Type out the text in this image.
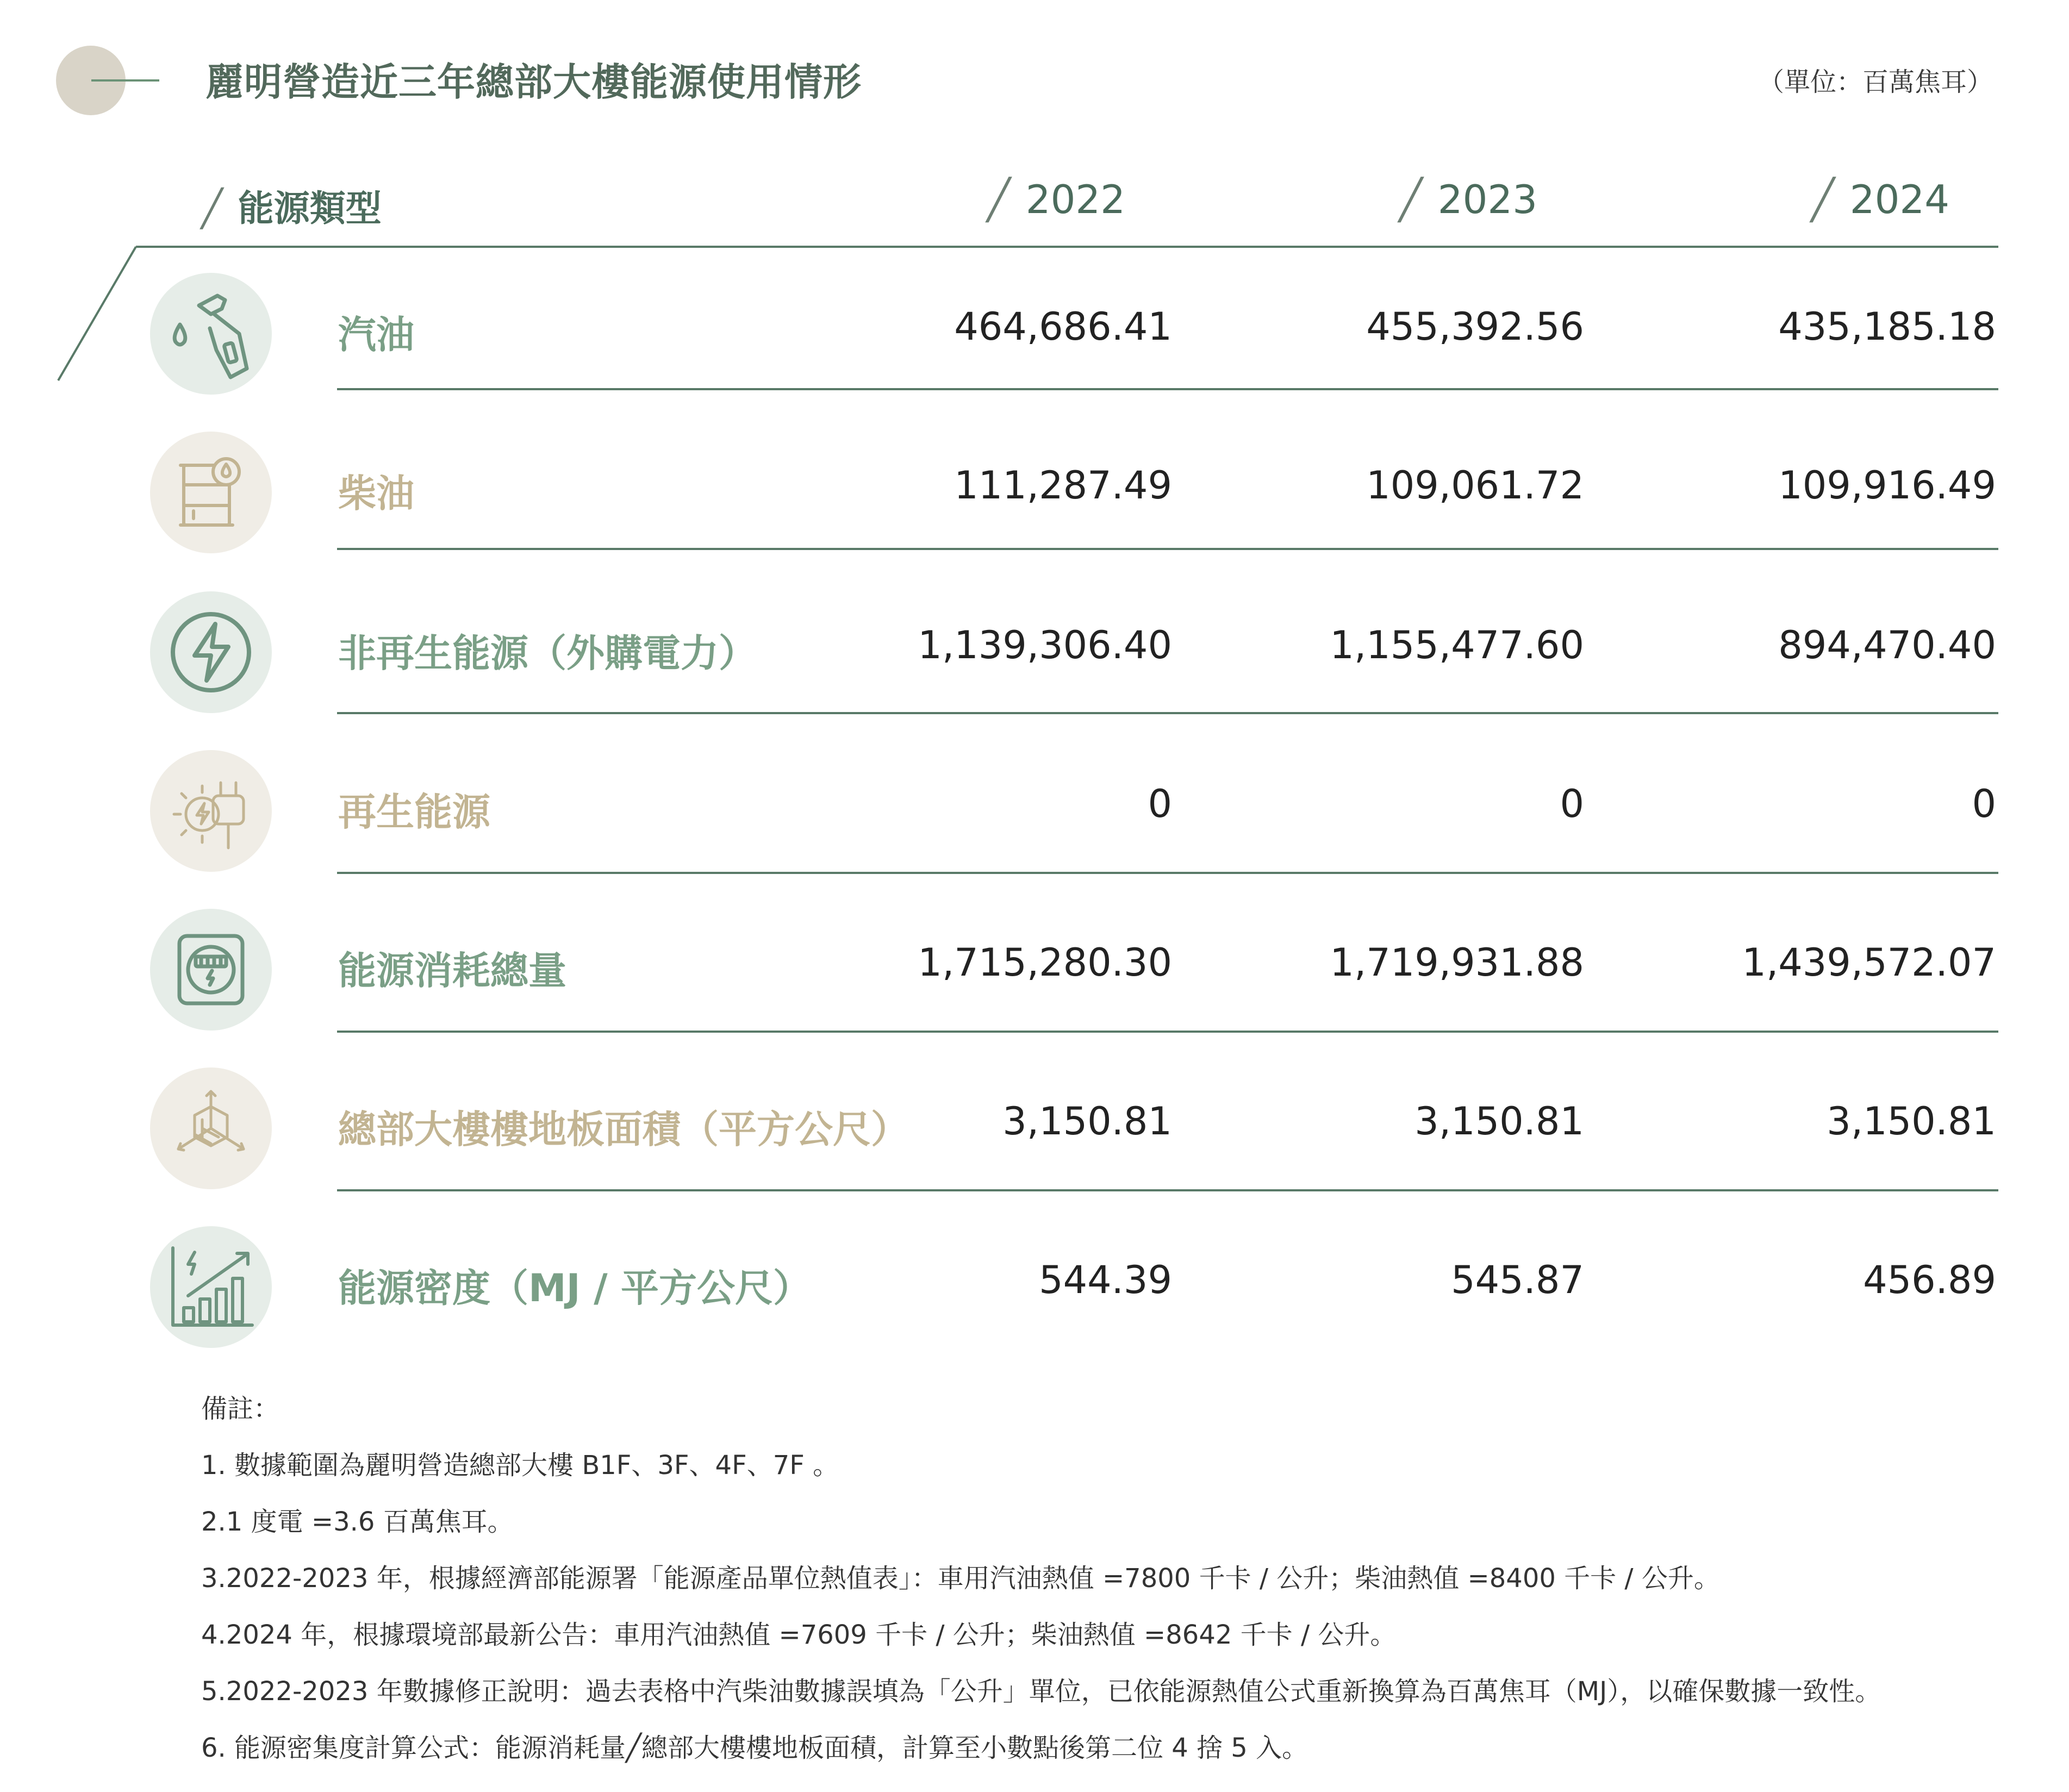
麗明營造近三年總部大樓能源使用情形	（單位：百萬焦耳）
╱ 能源類型	╱ 2022	╱ 2023	╱ 2024
汽油	464,686.41	455,392.56	435,185.18
柴油	111,287.49	109,061.72	109,916.49
非再生能源（外購電力）	1,139,306.40	1,155,477.60	894,470.40
再生能源	0	0	0
能源消耗總量	1,715,280.30	1,719,931.88	1,439,572.07
總部大樓樓地板面積（平方公尺） 3,150.81	3,150.81	3,150.81
能源密度（MJ / 平方公尺）	544.39	545.87	456.89
備註：
1. 數據範圍為麗明營造總部大樓 B1F、3F、4F、7F 。
2.1 度電 =3.6 百萬焦耳。
3.2022-2023 年，根據經濟部能源署「能源產品單位熱值表」：車用汽油熱值 =7800 千卡 / 公升；柴油熱值 =8400 千卡 / 公升。
4.2024 年，根據環境部最新公告：車用汽油熱值 =7609 千卡 / 公升；柴油熱值 =8642 千卡 / 公升。
5.2022-2023 年數據修正說明：過去表格中汽柴油數據誤填為「公升」單位，已依能源熱值公式重新換算為百萬焦耳（MJ），以確保數據一致性。
6. 能源密集度計算公式：能源消耗量╱總部大樓樓地板面積，計算至小數點後第二位 4 捨 5 入。
